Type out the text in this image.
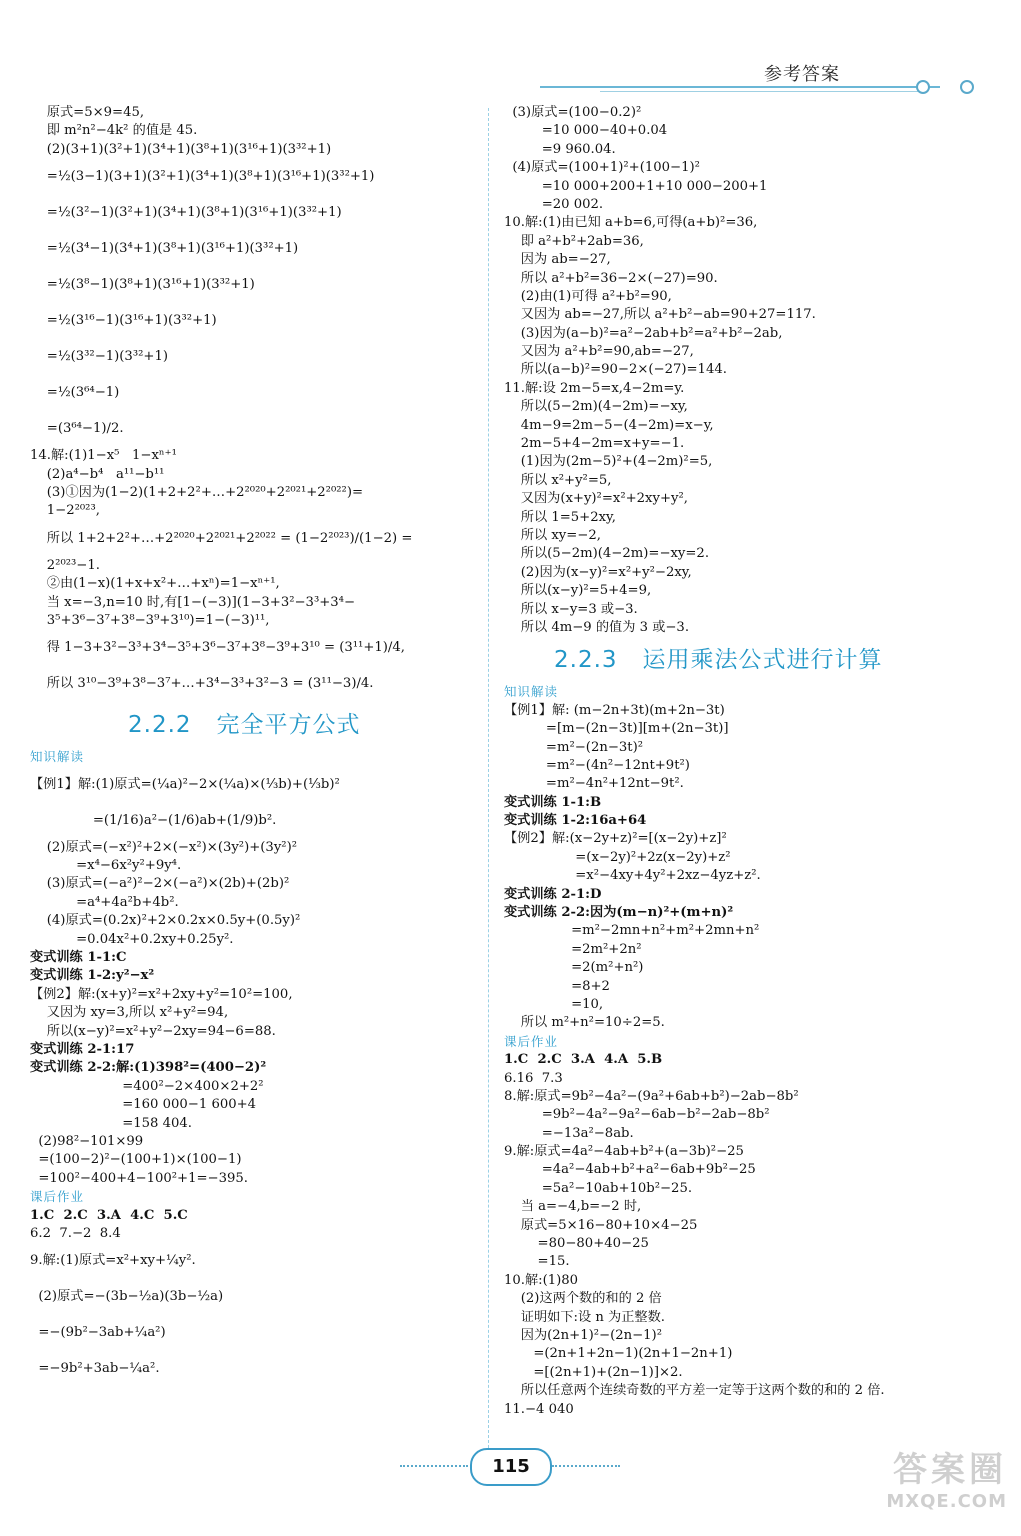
参考答案
原式=5×9=45,
即 m²n²−4k² 的值是 45.
(2)(3+1)(3²+1)(3⁴+1)(3⁸+1)(3¹⁶+1)(3³²+1)
=½(3−1)(3+1)(3²+1)(3⁴+1)(3⁸+1)(3¹⁶+1)(3³²+1)
=½(3²−1)(3²+1)(3⁴+1)(3⁸+1)(3¹⁶+1)(3³²+1)
=½(3⁴−1)(3⁴+1)(3⁸+1)(3¹⁶+1)(3³²+1)
=½(3⁸−1)(3⁸+1)(3¹⁶+1)(3³²+1)
=½(3¹⁶−1)(3¹⁶+1)(3³²+1)
=½(3³²−1)(3³²+1)
=½(3⁶⁴−1)
=(3⁶⁴−1)/2.
14.解:(1)1−x⁵   1−xⁿ⁺¹
(2)a⁴−b⁴   a¹¹−b¹¹
(3)①因为(1−2)(1+2+2²+…+2²⁰²⁰+2²⁰²¹+2²⁰²²)=
1−2²⁰²³,
所以 1+2+2²+…+2²⁰²⁰+2²⁰²¹+2²⁰²² = (1−2²⁰²³)/(1−2) =
2²⁰²³−1.
②由(1−x)(1+x+x²+…+xⁿ)=1−xⁿ⁺¹,
当 x=−3,n=10 时,有[1−(−3)](1−3+3²−3³+3⁴−
3⁵+3⁶−3⁷+3⁸−3⁹+3¹⁰)=1−(−3)¹¹,
得 1−3+3²−3³+3⁴−3⁵+3⁶−3⁷+3⁸−3⁹+3¹⁰ = (3¹¹+1)/4,
所以 3¹⁰−3⁹+3⁸−3⁷+…+3⁴−3³+3²−3 = (3¹¹−3)/4.
2.2.2   完全平方公式
知识解读
【例1】解:(1)原式=(¼a)²−2×(¼a)×(⅓b)+(⅓b)²
=(1/16)a²−(1/6)ab+(1/9)b².
(2)原式=(−x²)²+2×(−x²)×(3y²)+(3y²)²
=x⁴−6x²y²+9y⁴.
(3)原式=(−a²)²−2×(−a²)×(2b)+(2b)²
=a⁴+4a²b+4b².
(4)原式=(0.2x)²+2×0.2x×0.5y+(0.5y)²
=0.04x²+0.2xy+0.25y².
变式训练 1-1:C
变式训练 1-2:y²−x²
【例2】解:(x+y)²=x²+2xy+y²=10²=100,
又因为 xy=3,所以 x²+y²=94,
所以(x−y)²=x²+y²−2xy=94−6=88.
变式训练 2-1:17
变式训练 2-2:解:(1)398²=(400−2)²
=400²−2×400×2+2²
=160 000−1 600+4
=158 404.
(2)98²−101×99
=(100−2)²−(100+1)×(100−1)
=100²−400+4−100²+1=−395.
课后作业
1.C  2.C  3.A  4.C  5.C
6.2  7.−2  8.4
9.解:(1)原式=x²+xy+¼y².
(2)原式=−(3b−½a)(3b−½a)
=−(9b²−3ab+¼a²)
=−9b²+3ab−¼a².
(3)原式=(100−0.2)²
=10 000−40+0.04
=9 960.04.
(4)原式=(100+1)²+(100−1)²
=10 000+200+1+10 000−200+1
=20 002.
10.解:(1)由已知 a+b=6,可得(a+b)²=36,
即 a²+b²+2ab=36,
因为 ab=−27,
所以 a²+b²=36−2×(−27)=90.
(2)由(1)可得 a²+b²=90,
又因为 ab=−27,所以 a²+b²−ab=90+27=117.
(3)因为(a−b)²=a²−2ab+b²=a²+b²−2ab,
又因为 a²+b²=90,ab=−27,
所以(a−b)²=90−2×(−27)=144.
11.解:设 2m−5=x,4−2m=y.
所以(5−2m)(4−2m)=−xy,
4m−9=2m−5−(4−2m)=x−y,
2m−5+4−2m=x+y=−1.
(1)因为(2m−5)²+(4−2m)²=5,
所以 x²+y²=5,
又因为(x+y)²=x²+2xy+y²,
所以 1=5+2xy,
所以 xy=−2,
所以(5−2m)(4−2m)=−xy=2.
(2)因为(x−y)²=x²+y²−2xy,
所以(x−y)²=5+4=9,
所以 x−y=3 或−3.
所以 4m−9 的值为 3 或−3.
2.2.3   运用乘法公式进行计算
知识解读
【例1】解: (m−2n+3t)(m+2n−3t)
=[m−(2n−3t)][m+(2n−3t)]
=m²−(2n−3t)²
=m²−(4n²−12nt+9t²)
=m²−4n²+12nt−9t².
变式训练 1-1:B
变式训练 1-2:16a+64
【例2】解:(x−2y+z)²=[(x−2y)+z]²
=(x−2y)²+2z(x−2y)+z²
=x²−4xy+4y²+2xz−4yz+z².
变式训练 2-1:D
变式训练 2-2:因为(m−n)²+(m+n)²
=m²−2mn+n²+m²+2mn+n²
=2m²+2n²
=2(m²+n²)
=8+2
=10,
所以 m²+n²=10÷2=5.
课后作业
1.C  2.C  3.A  4.A  5.B
6.16  7.3
8.解:原式=9b²−4a²−(9a²+6ab+b²)−2ab−8b²
=9b²−4a²−9a²−6ab−b²−2ab−8b²
=−13a²−8ab.
9.解:原式=4a²−4ab+b²+(a−3b)²−25
=4a²−4ab+b²+a²−6ab+9b²−25
=5a²−10ab+10b²−25.
当 a=−4,b=−2 时,
原式=5×16−80+10×4−25
=80−80+40−25
=15.
10.解:(1)80
(2)这两个数的和的 2 倍
证明如下:设 n 为正整数.
因为(2n+1)²−(2n−1)²
=(2n+1+2n−1)(2n+1−2n+1)
=[(2n+1)+(2n−1)]×2.
所以任意两个连续奇数的平方差一定等于这两个数的和的 2 倍.
11.−4 040
115	答案圈
MXQE.COM
